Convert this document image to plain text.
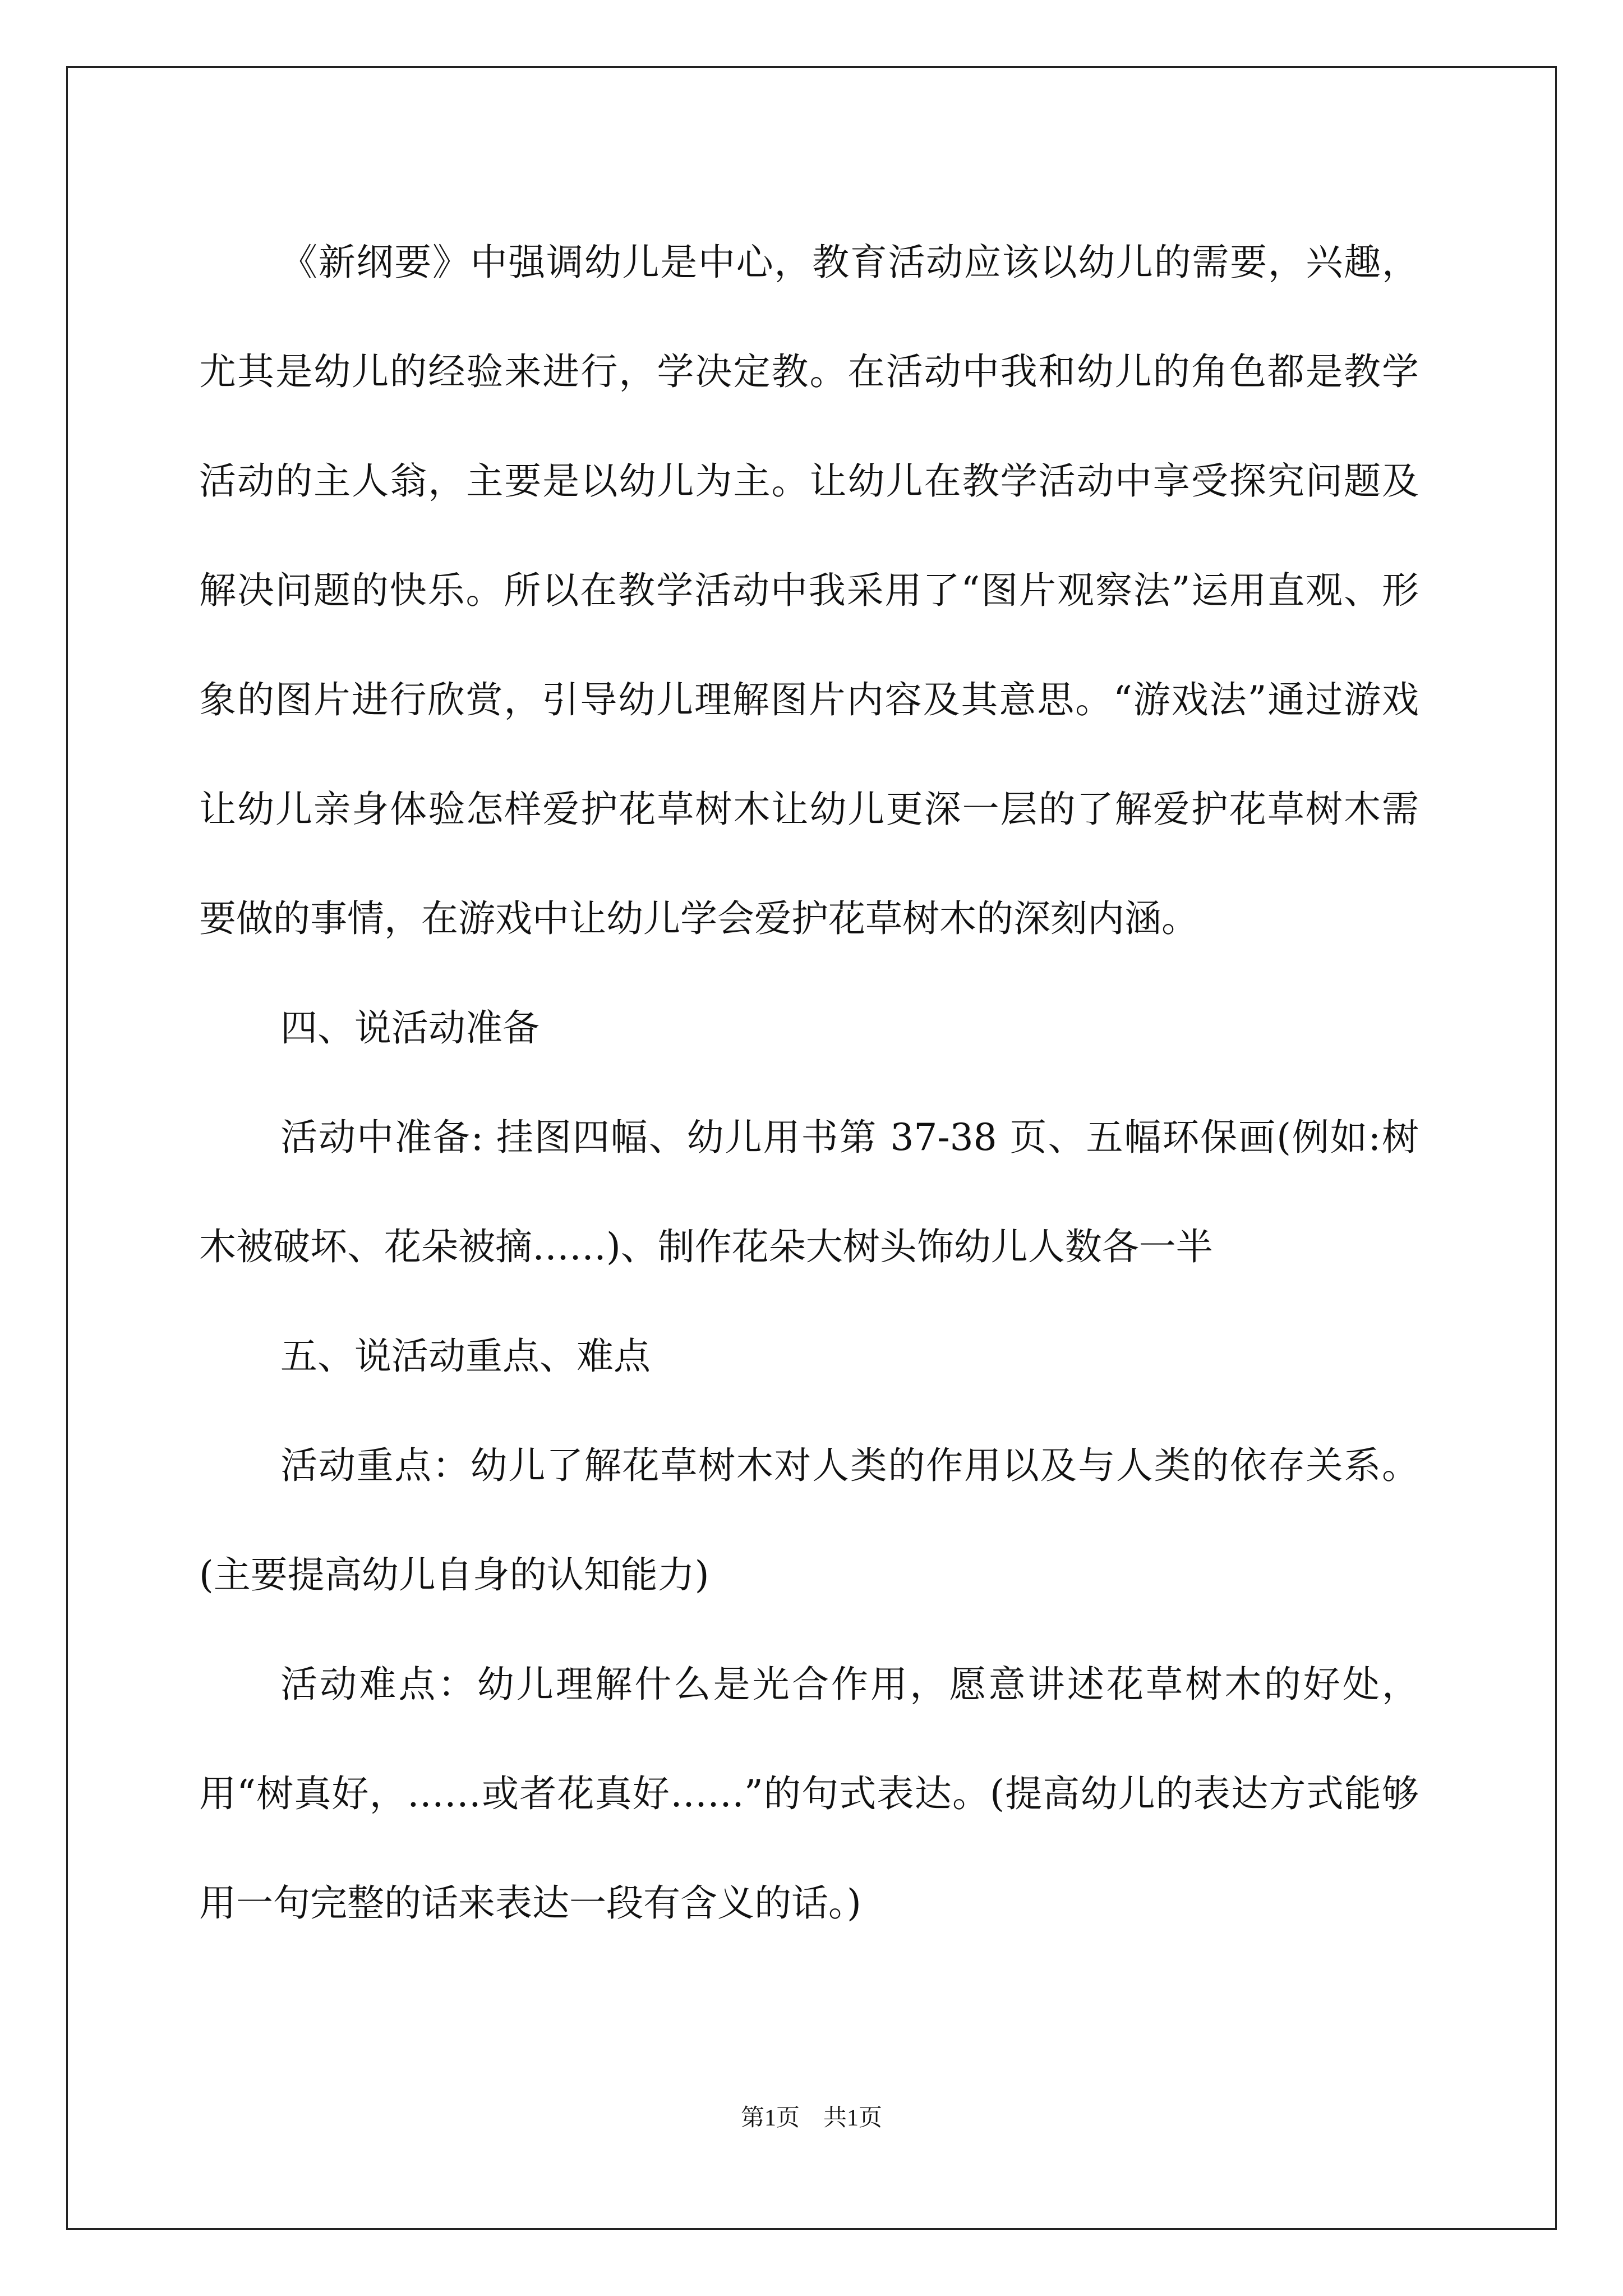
《新纲要》中强调幼儿是中心，教育活动应该以幼儿的需要，兴趣，尤其是幼儿的经验来进行，学决定教。在活动中我和幼儿的角色都是教学活动的主人翁，主要是以幼儿为主。让幼儿在教学活动中享受探究问题及解决问题的快乐。所以在教学活动中我采用了“图片观察法”运用直观、形象的图片进行欣赏，引导幼儿理解图片内容及其意思。“游戏法”通过游戏让幼儿亲身体验怎样爱护花草树木让幼儿更深一层的了解爱护花草树木需要做的事情，在游戏中让幼儿学会爱护花草树木的深刻内涵。

四、说活动准备

活动中准备: 挂图四幅、幼儿用书第 37-38 页、五幅环保画(例如:树木被破坏、花朵被摘……)、制作花朵大树头饰幼儿人数各一半

五、说活动重点、难点

活动重点：幼儿了解花草树木对人类的作用以及与人类的依存关系。(主要提高幼儿自身的认知能力)

活动难点：幼儿理解什么是光合作用，愿意讲述花草树木的好处，用“树真好，……或者花真好……”的句式表达。(提高幼儿的表达方式能够用一句完整的话来表达一段有含义的话。)

第1页　共1页
